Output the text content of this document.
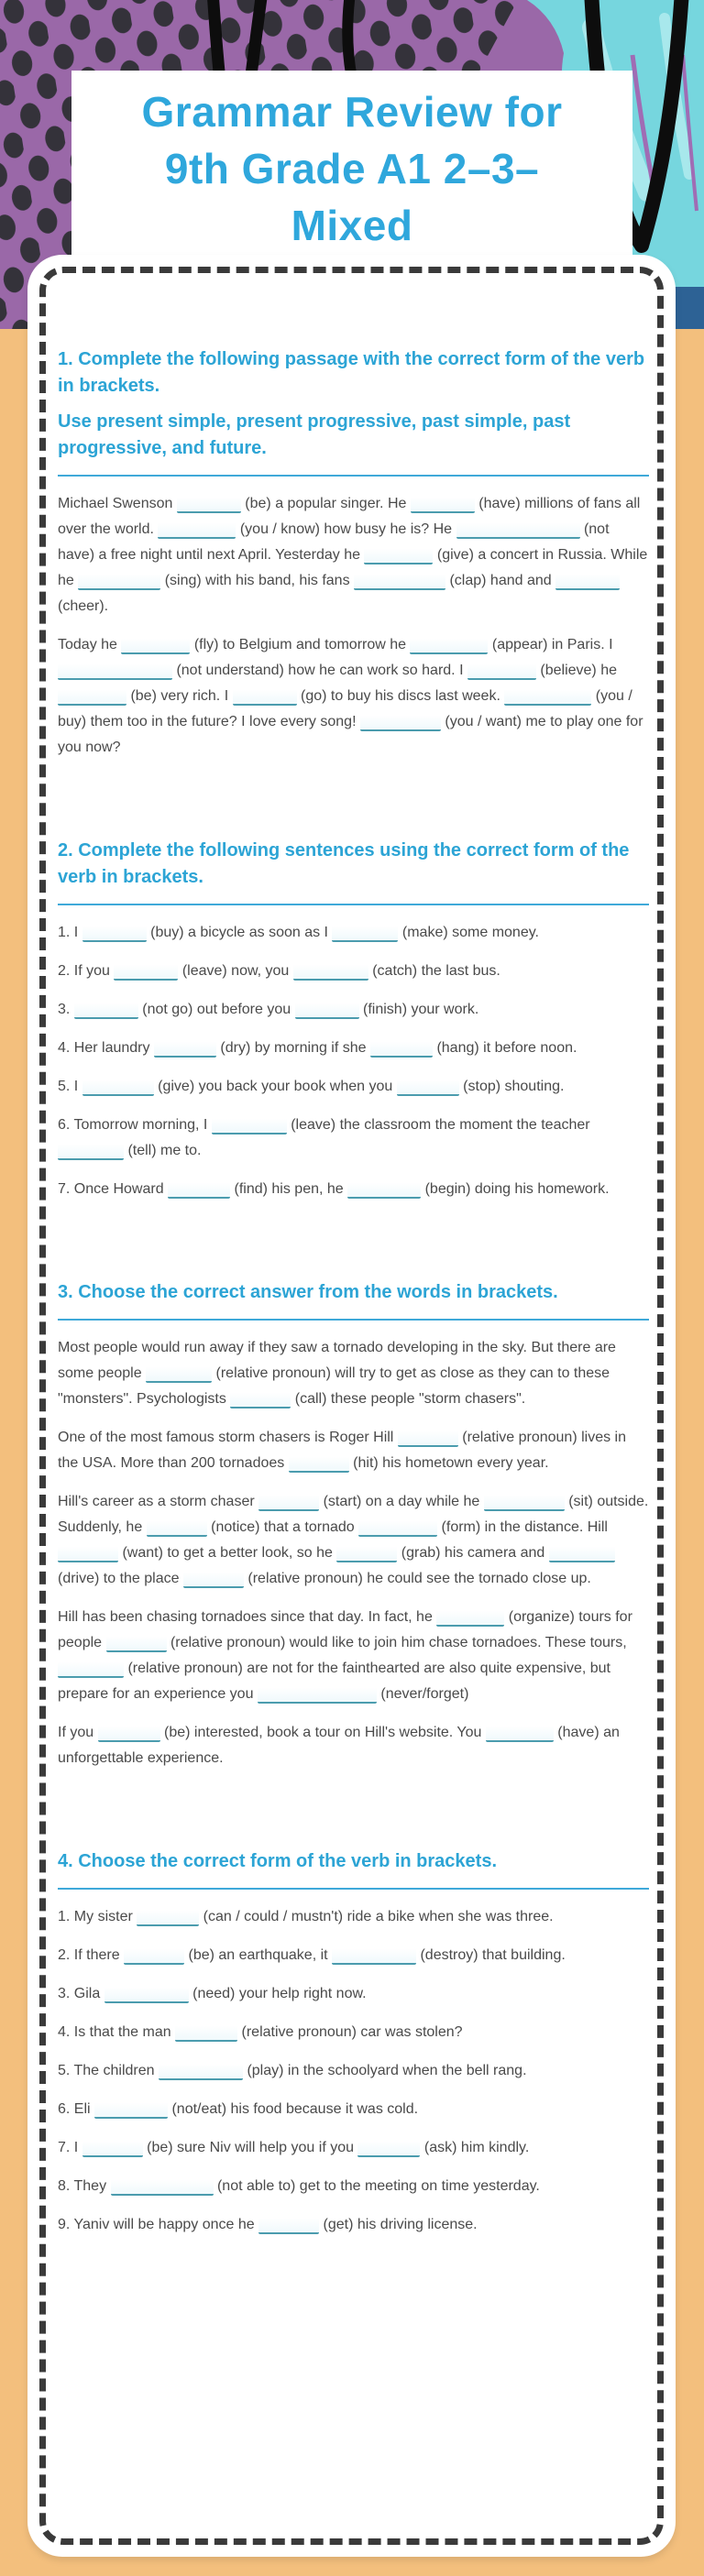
Grammar Review for
9th Grade A1 2–3–
Mixed
1. Complete the following passage with the correct form of the verb in brackets.
Use present simple, present progressive, past simple, past progressive, and future.

Michael Swenson	(be) a popular singer. He	(have) millions of fans all over the world.	(you / know) how busy he is? He	(not have) a free night until next April. Yesterday he	(give) a concert in Russia. While he	(sing) with his band, his fans	(clap) hand and  (cheer).

Today he	(fly) to Belgium and tomorrow he	(appear) in Paris. I  (not understand) how he can work so hard. I	(believe) he  (be) very rich. I	(go) to buy his discs last week.	(you / buy) them too in the future? I love every song!	(you / want) me to play one for you now?

2. Complete the following sentences using the correct form of the verb in brackets.

1. I	(buy) a bicycle as soon as I	(make) some money.

2. If you	(leave) now, you	(catch) the last bus.

3.	(not go) out before you	(finish) your work.

4. Her laundry	(dry) by morning if she	(hang) it before noon.

5. I	(give) you back your book when you	(stop) shouting.

6. Tomorrow morning, I	(leave) the classroom the moment the teacher  (tell) me to.

7. Once Howard	(find) his pen, he	(begin) doing his homework.

3. Choose the correct answer from the words in brackets.

Most people would run away if they saw a tornado developing in the sky. But there are some people	(relative pronoun) will try to get as close as they can to these "monsters". Psychologists	(call) these people "storm chasers".

One of the most famous storm chasers is Roger Hill	(relative pronoun) lives in the USA. More than 200 tornadoes	(hit) his hometown every year.

Hill's career as a storm chaser	(start) on a day while he	(sit) outside. Suddenly, he	(notice) that a tornado	(form) in the distance. Hill  (want) to get a better look, so he	(grab) his camera and  (drive) to the place	(relative pronoun) he could see the tornado close up.

Hill has been chasing tornadoes since that day. In fact, he	(organize) tours for people	(relative pronoun) would like to join him chase tornadoes. These tours,  (relative pronoun) are not for the fainthearted are also quite expensive, but prepare for an experience you	(never/forget)

If you	(be) interested, book a tour on Hill's website. You	(have) an unforgettable experience.

4. Choose the correct form of the verb in brackets.

1. My sister	(can / could / mustn't) ride a bike when she was three.

2. If there	(be) an earthquake, it	(destroy) that building.

3. Gila	(need) your help right now.

4. Is that the man	(relative pronoun) car was stolen?

5. The children	(play) in the schoolyard when the bell rang.

6. Eli	(not/eat) his food because it was cold.

7. I	(be) sure Niv will help you if you	(ask) him kindly.

8. They	(not able to) get to the meeting on time yesterday.

9. Yaniv will be happy once he	(get) his driving license.
